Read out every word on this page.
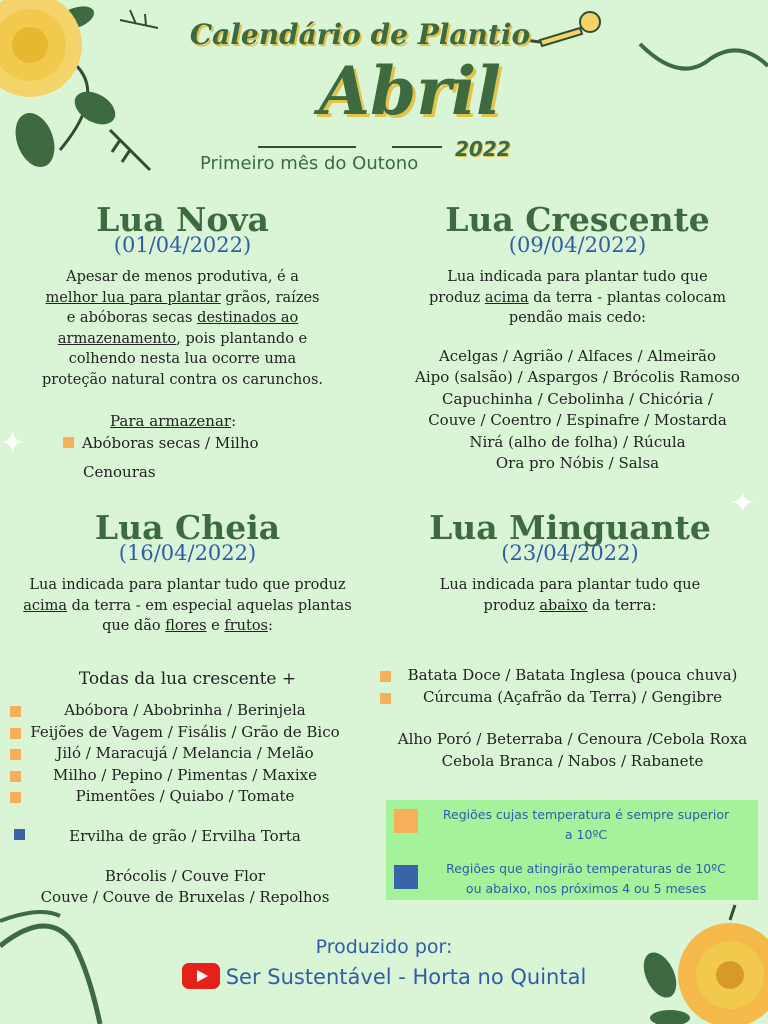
✦
✦
Calendário de Plantio
Abril
2022
Primeiro mês do Outono
Lua Nova
(01/04/2022)
Apesar de menos produtiva, é a
melhor lua para plantar grãos, raízes
e abóboras secas destinados ao
armazenamento, pois plantando e
colhendo nesta lua ocorre uma
proteção natural contra os carunchos.
Para armazenar:
Abóboras secas / Milho
Cenouras
Lua Crescente
(09/04/2022)
Lua indicada para plantar tudo que
produz acima da terra - plantas colocam
pendão mais cedo:
Acelgas / Agrião / Alfaces / Almeirão
Aipo (salsão) / Aspargos / Brócolis Ramoso
Capuchinha / Cebolinha / Chicória /
Couve / Coentro / Espinafre / Mostarda
Nirá (alho de folha) / Rúcula
Ora pro Nóbis / Salsa
Lua Cheia
(16/04/2022)
Lua indicada para plantar tudo que produz
acima da terra - em especial aquelas plantas
que dão flores e frutos:
Todas da lua crescente +
Abóbora / Abobrinha / Berinjela
Feijões de Vagem / Fisális / Grão de Bico
Jiló / Maracujá / Melancia / Melão
Milho / Pepino / Pimentas / Maxixe
Pimentões / Quiabo / Tomate
Ervilha de grão / Ervilha Torta
Brócolis / Couve Flor
Couve / Couve de Bruxelas / Repolhos
Lua Minguante
(23/04/2022)
Lua indicada para plantar tudo que
produz abaixo da terra:
Batata Doce / Batata Inglesa (pouca chuva)
Cúrcuma (Açafrão da Terra) / Gengibre
Alho Poró / Beterraba / Cenoura /Cebola Roxa
Cebola Branca / Nabos / Rabanete
Regiões cujas temperatura é sempre superior
a 10ºC
Regiões que atingirão temperaturas de 10ºC
ou abaixo, nos próximos 4 ou 5 meses
Produzido por:
Ser Sustentável - Horta no Quintal
